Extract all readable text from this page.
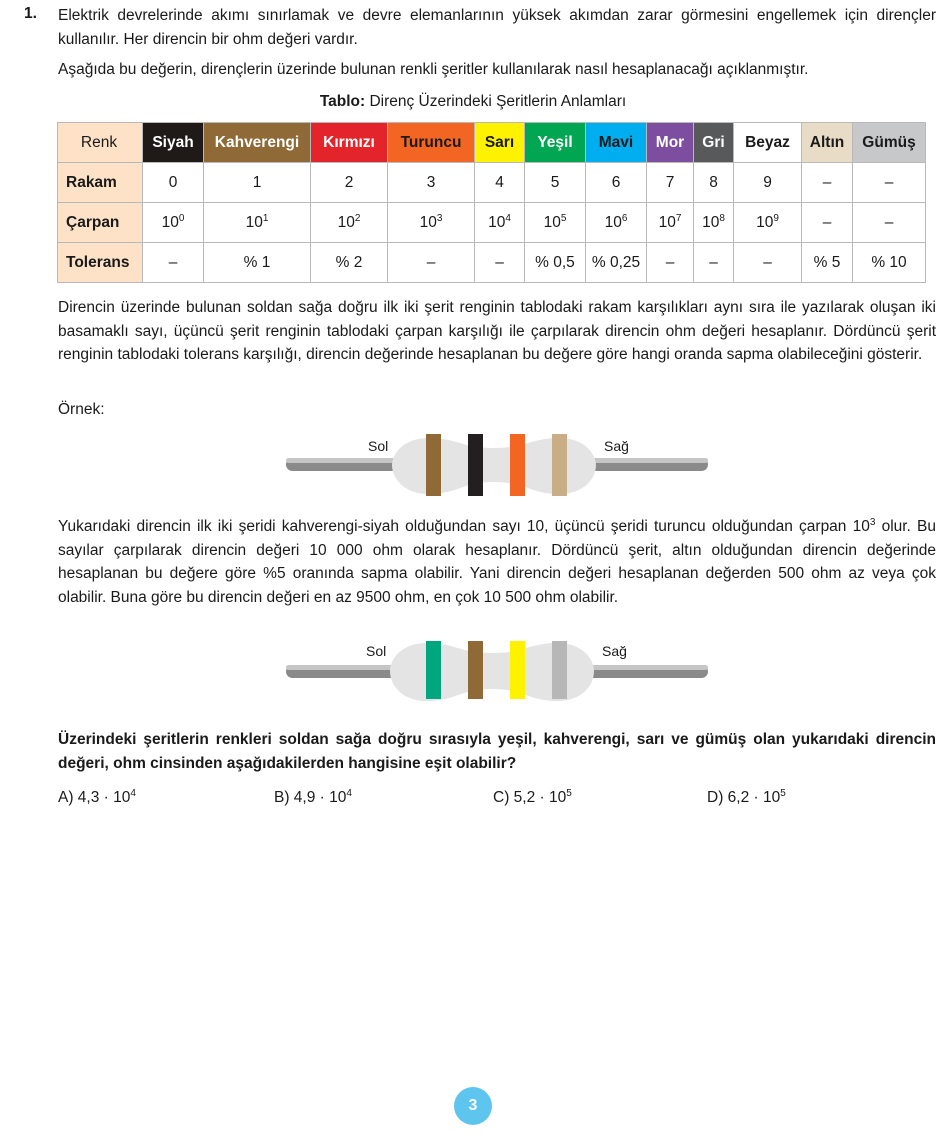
1. Elektrik devrelerinde akımı sınırlamak ve devre elemanlarının yüksek akımdan zarar görmesini engellemek için dirençler kullanılır. Her direncin bir ohm değeri vardır.
Aşağıda bu değerin, dirençlerin üzerinde bulunan renkli şeritler kullanılarak nasıl hesaplanacağı açıklanmıştır.
Tablo: Direnç Üzerindeki Şeritlerin Anlamları
Renk	Siyah	Kahverengi	Kırmızı	Turuncu	Sarı	Yeşil	Mavi	Mor	Gri	Beyaz	Altın	Gümüş
Rakam	0	1	2	3	4	5	6	7	8	9	–	–
Çarpan	$10^0$	$10^1$	$10^2$	$10^3$	$10^4$	$10^5$	$10^6$	$10^7$	$10^8$	$10^9$	–	–
Tolerans	–	% 1	% 2	–	–	% 0,5	% 0,25	–	–	–	% 5	% 10
Direncin üzerinde bulunan soldan sağa doğru ilk iki şerit renginin tablodaki rakam karşılıkları aynı sıra ile yazılarak oluşan iki basamaklı sayı, üçüncü şerit renginin tablodaki çarpan karşılığı ile çarpılarak direncin ohm değeri hesaplanır. Dördüncü şerit renginin tablodaki tolerans karşılığı, direncin değerinde hesaplanan bu değere göre hangi oranda sapma olabileceğini gösterir.
Örnek:
Sol	Sağ
Yukarıdaki direncin ilk iki şeridi kahverengi-siyah olduğundan sayı 10, üçüncü şeridi turuncu olduğundan çarpan $10^3$ olur. Bu sayılar çarpılarak direncin değeri 10 000 ohm olarak hesaplanır. Dördüncü şerit, altın olduğundan direncin değerinde hesaplanan bu değere göre %5 oranında sapma olabilir. Yani direncin değeri hesaplanan değerden 500 ohm az veya çok olabilir. Buna göre bu direncin değeri en az 9500 ohm, en çok 10 500 ohm olabilir.
Sol	Sağ
Üzerindeki şeritlerin renkleri soldan sağa doğru sırasıyla yeşil, kahverengi, sarı ve gümüş olan yukarıdaki direncin değeri, ohm cinsinden aşağıdakilerden hangisine eşit olabilir?
A) $4,3 \cdot 10^4$	B) $4,9 \cdot 10^4$	C) $5,2 \cdot 10^5$	D) $6,2 \cdot 10^5$
3
